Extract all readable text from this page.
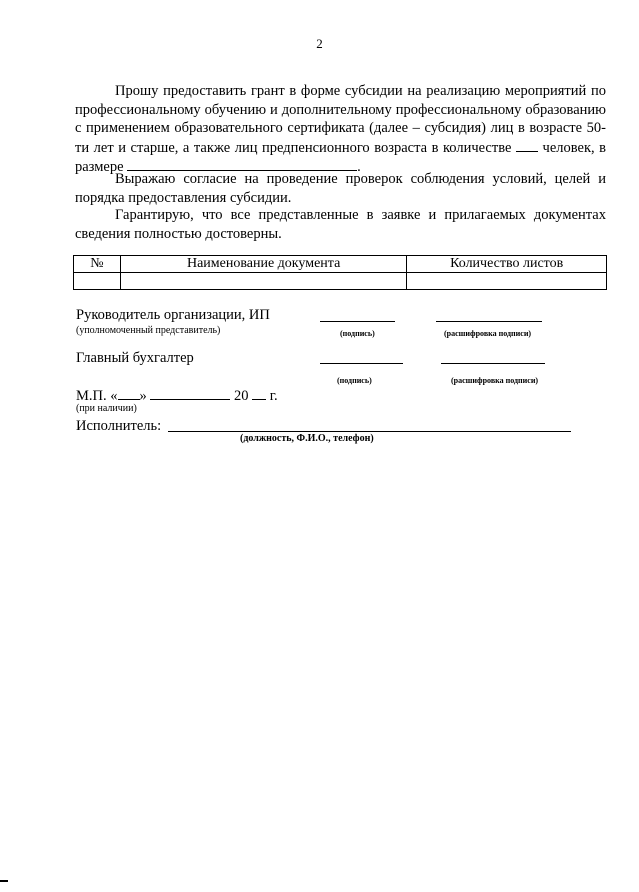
2
Прошу предоставить грант в форме субсидии на реализацию мероприятий по профессиональному обучению и дополнительному профессиональному образованию с применением образовательного сертификата (далее – субсидия) лиц в возрасте 50-ти лет и старше, а также лиц предпенсионного возраста в количестве человек, в размере	.
Выражаю согласие на проведение проверок соблюдения условий, целей и порядка предоставления субсидии.
Гарантирую, что все представленные в заявке и прилагаемых документах сведения полностью достоверны.
№	Наименование документа	Количество листов

Руководитель организации, ИП
(уполномоченный представитель)	(подпись)	(расшифровка подписи)
Главный бухгалтер
(подпись)	(расшифровка подписи)
М.П. « »	20 г.
(при наличии)
Исполнитель:
(должность, Ф.И.О., телефон)
